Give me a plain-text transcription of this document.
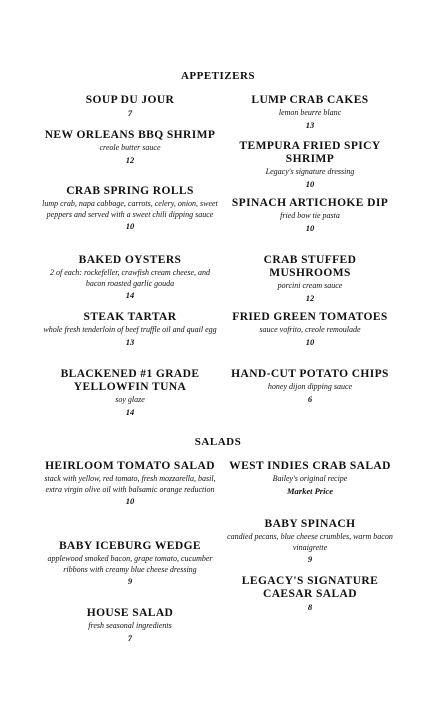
APPETIZERS
SOUP DU JOUR
7
NEW ORLEANS BBQ SHRIMP
creole butter sauce
12
CRAB SPRING ROLLS
lump crab, napa cabbage, carrots, celery, onion, sweet peppers and served with a sweet chili dipping sauce
10
BAKED OYSTERS
2 of each: rockefeller, crawfish cream cheese, and bacon roasted garlic gouda
14
STEAK TARTAR
whole fresh tenderloin of beef truffle oil and quail egg
13
BLACKENED #1 GRADE YELLOWFIN TUNA
soy glaze
14
LUMP CRAB CAKES
lemon beurre blanc
13
TEMPURA FRIED SPICY SHRIMP
Legacy's signature dressing
10
SPINACH ARTICHOKE DIP
fried bow tie pasta
10
CRAB STUFFED MUSHROOMS
porcini cream sauce
12
FRIED GREEN TOMATOES
sauce vofrito, creole remoulade
10
HAND-CUT POTATO CHIPS
honey dijon dipping sauce
6
SALADS
HEIRLOOM TOMATO SALAD
stack with yellow, red tomato, fresh mozzarella, basil, extra virgin olive oil with balsamic orange reduction
10
BABY ICEBURG WEDGE
applewood smoked bacon, grape tomato, cucumber ribbons with creamy blue cheese dressing
9
HOUSE SALAD
fresh seasonal ingredients
7
WEST INDIES CRAB SALAD
Bailey's original recipe
Market Price
BABY SPINACH
candied pecans, blue cheese crumbles, warm bacon vinaigrette
9
LEGACY'S SIGNATURE CAESAR SALAD
8
